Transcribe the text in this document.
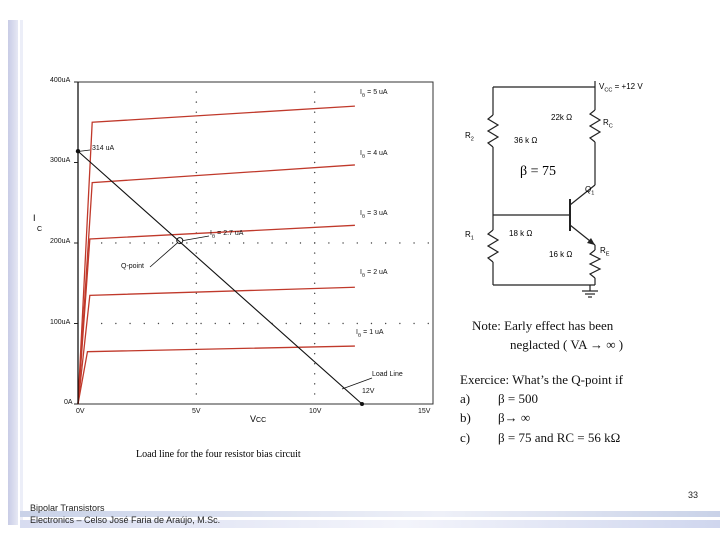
400uA
300uA
200uA
100uA
0A
0V	5V	10V	15V
I
C
VCC
314 uA
12V
Load Line
Q-point
$I_B = 2.7$ uA
$I_B = 5$ uA
$I_B = 4$ uA
$I_B = 3$ uA
$I_B = 2$ uA
$I_B = 1$ uA
Load line for the four resistor bias circuit
$V_{CC} = +12$ V
22k Ω
$R_C$
$R_2$	36 k Ω
β = 75
$Q_1$
$R_1$
18 k Ω
$R_E$
16 k Ω
Note: Early effect has been
neglacted ( VA → ∞ )
Exercice: What’s the Q-point if
a) β = 500
b) β→ ∞
c) β = 75 and RC = 56 kΩ
Bipolar Transistors
Electronics – Celso José Faria de Araújo, M.Sc.
33
